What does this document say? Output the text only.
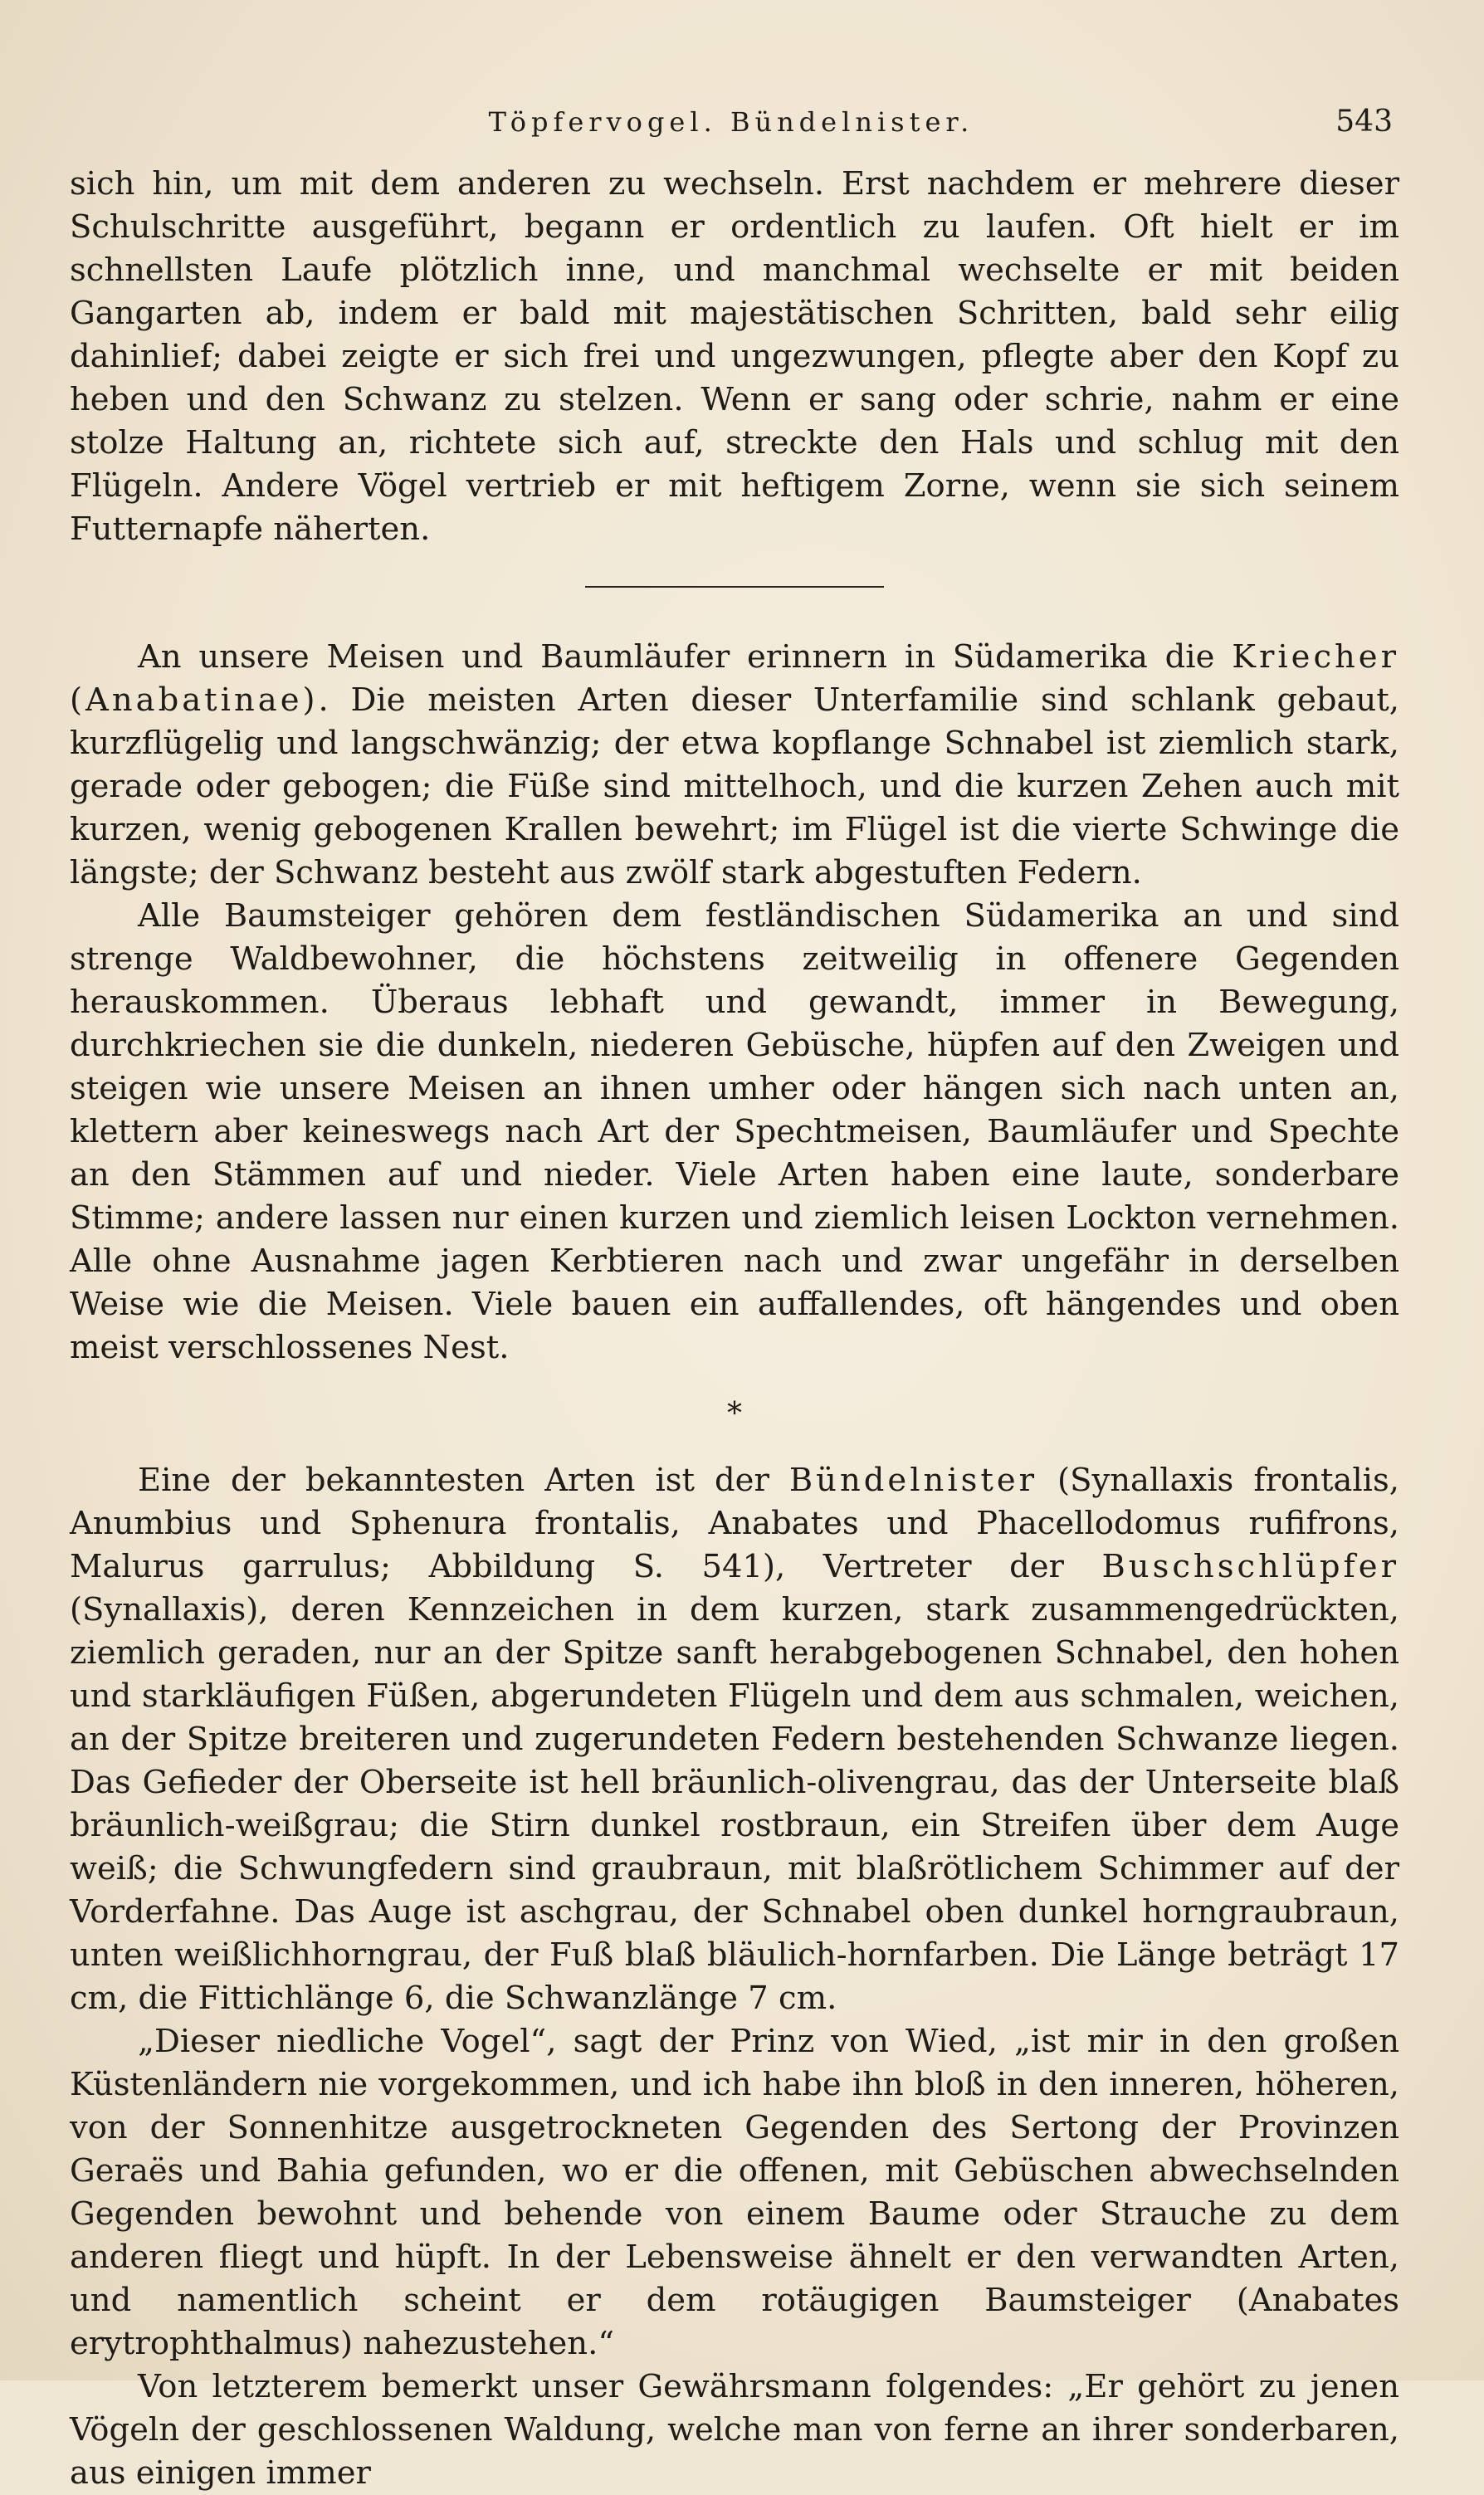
Töpfervogel. Bündelnister.	543

sich hin, um mit dem anderen zu wechseln. Erst nachdem er mehrere dieser Schulschritte ausgeführt, begann er ordentlich zu laufen. Oft hielt er im schnellsten Laufe plötzlich inne, und manchmal wechselte er mit beiden Gangarten ab, indem er bald mit majestätischen Schritten, bald sehr eilig dahinlief; dabei zeigte er sich frei und ungezwungen, pflegte aber den Kopf zu heben und den Schwanz zu stelzen. Wenn er sang oder schrie, nahm er eine stolze Haltung an, richtete sich auf, streckte den Hals und schlug mit den Flügeln. Andere Vögel vertrieb er mit heftigem Zorne, wenn sie sich seinem Futternapfe näherten.

An unsere Meisen und Baumläufer erinnern in Südamerika die Kriecher (Anabatinae). Die meisten Arten dieser Unterfamilie sind schlank gebaut, kurzflügelig und langschwänzig; der etwa kopflange Schnabel ist ziemlich stark, gerade oder gebogen; die Füße sind mittelhoch, und die kurzen Zehen auch mit kurzen, wenig gebogenen Krallen bewehrt; im Flügel ist die vierte Schwinge die längste; der Schwanz besteht aus zwölf stark abgestuften Federn.

Alle Baumsteiger gehören dem festländischen Südamerika an und sind strenge Waldbewohner, die höchstens zeitweilig in offenere Gegenden herauskommen. Überaus lebhaft und gewandt, immer in Bewegung, durchkriechen sie die dunkeln, niederen Gebüsche, hüpfen auf den Zweigen und steigen wie unsere Meisen an ihnen umher oder hängen sich nach unten an, klettern aber keineswegs nach Art der Spechtmeisen, Baumläufer und Spechte an den Stämmen auf und nieder. Viele Arten haben eine laute, sonderbare Stimme; andere lassen nur einen kurzen und ziemlich leisen Lockton vernehmen. Alle ohne Ausnahme jagen Kerbtieren nach und zwar ungefähr in derselben Weise wie die Meisen. Viele bauen ein auffallendes, oft hängendes und oben meist verschlossenes Nest.

*

Eine der bekanntesten Arten ist der Bündelnister (Synallaxis frontalis, Anumbius und Sphenura frontalis, Anabates und Phacellodomus rufifrons, Malurus garrulus; Abbildung S. 541), Vertreter der Buschschlüpfer (Synallaxis), deren Kennzeichen in dem kurzen, stark zusammengedrückten, ziemlich geraden, nur an der Spitze sanft herabgebogenen Schnabel, den hohen und starkläufigen Füßen, abgerundeten Flügeln und dem aus schmalen, weichen, an der Spitze breiteren und zugerundeten Federn bestehenden Schwanze liegen. Das Gefieder der Oberseite ist hell bräunlich-olivengrau, das der Unterseite blaß bräunlich-weißgrau; die Stirn dunkel rostbraun, ein Streifen über dem Auge weiß; die Schwungfedern sind graubraun, mit blaßrötlichem Schimmer auf der Vorderfahne. Das Auge ist aschgrau, der Schnabel oben dunkel horngraubraun, unten weißlichhorngrau, der Fuß blaß bläulich-hornfarben. Die Länge beträgt 17 cm, die Fittichlänge 6, die Schwanzlänge 7 cm.

„Dieser niedliche Vogel“, sagt der Prinz von Wied, „ist mir in den großen Küstenländern nie vorgekommen, und ich habe ihn bloß in den inneren, höheren, von der Sonnenhitze ausgetrockneten Gegenden des Sertong der Provinzen Geraës und Bahia gefunden, wo er die offenen, mit Gebüschen abwechselnden Gegenden bewohnt und behende von einem Baume oder Strauche zu dem anderen fliegt und hüpft. In der Lebensweise ähnelt er den verwandten Arten, und namentlich scheint er dem rotäugigen Baumsteiger (Anabates erytrophthalmus) nahezustehen.“

Von letzterem bemerkt unser Gewährsmann folgendes: „Er gehört zu jenen Vögeln der geschlossenen Waldung, welche man von ferne an ihrer sonderbaren, aus einigen immer
